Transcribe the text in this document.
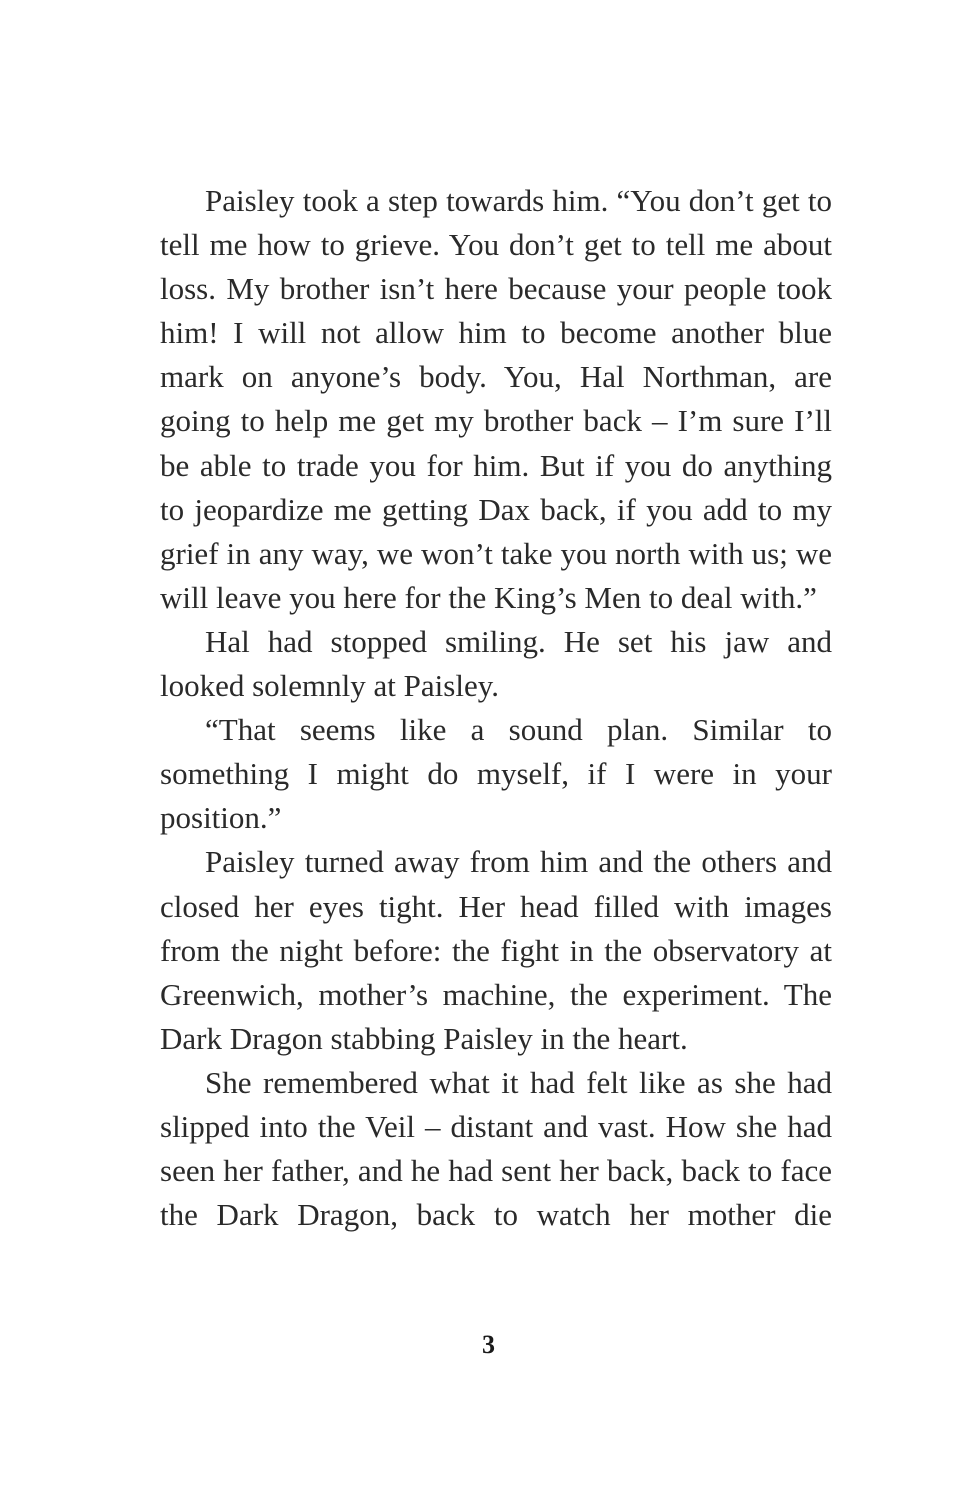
Paisley took a step towards him. “You don’t get to tell me how to grieve. You don’t get to tell me about loss. My brother isn’t here because your people took him! I will not allow him to become another blue mark on anyone’s body. You, Hal Northman, are going to help me get my brother back – I’m sure I’ll be able to trade you for him. But if you do anything to jeopardize me getting Dax back, if you add to my grief in any way, we won’t take you north with us; we will leave you here for the King’s Men to deal with.”

Hal had stopped smiling. He set his jaw and looked solemnly at Paisley.

“That seems like a sound plan. Similar to something I might do myself, if I were in your position.”

Paisley turned away from him and the others and closed her eyes tight. Her head filled with images from the night before: the fight in the observatory at Greenwich, mother’s machine, the experiment. The Dark Dragon stabbing Paisley in the heart.

She remembered what it had felt like as she had slipped into the Veil – distant and vast. How she had seen her father, and he had sent her back, back to face the Dark Dragon, back to watch her mother die

3
